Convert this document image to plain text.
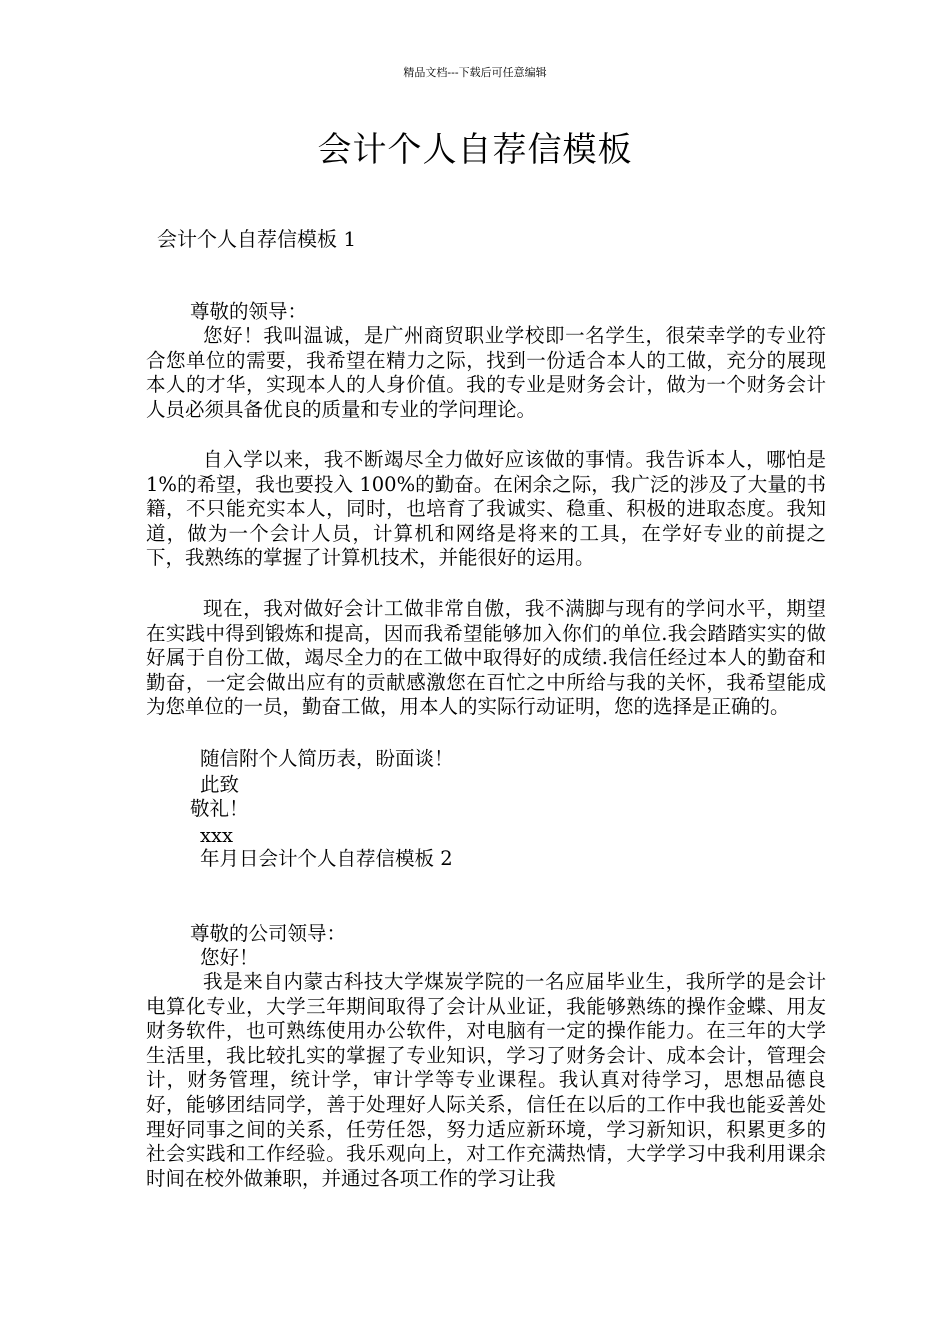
精品文档---下载后可任意编辑
会计个人自荐信模板
会计个人自荐信模板 1
尊敬的领导：
您好！我叫温诚，是广州商贸职业学校即一名学生，很荣幸学的专业符合您单位的需要，我希望在精力之际，找到一份适合本人的工做，充分的展现本人的才华，实现本人的人身价值。我的专业是财务会计，做为一个财务会计人员必须具备优良的质量和专业的学问理论。
自入学以来，我不断竭尽全力做好应该做的事情。我告诉本人，哪怕是 1%的希望，我也要投入 100%的勤奋。在闲余之际，我广泛的涉及了大量的书籍，不只能充实本人，同时，也培育了我诚实、稳重、积极的进取态度。我知道，做为一个会计人员，计算机和网络是将来的工具，在学好专业的前提之下，我熟练的掌握了计算机技术，并能很好的运用。
现在，我对做好会计工做非常自傲，我不满脚与现有的学问水平，期望在实践中得到锻炼和提高，因而我希望能够加入你们的单位.我会踏踏实实的做好属于自份工做，竭尽全力的在工做中取得好的成绩.我信任经过本人的勤奋和勤奋，一定会做出应有的贡献感激您在百忙之中所给与我的关怀，我希望能成为您单位的一员，勤奋工做，用本人的实际行动证明，您的选择是正确的。
随信附个人简历表，盼面谈！
此致
敬礼！
xxx
年月日会计个人自荐信模板 2
尊敬的公司领导：
您好！
我是来自内蒙古科技大学煤炭学院的一名应届毕业生，我所学的是会计电算化专业，大学三年期间取得了会计从业证，我能够熟练的操作金蝶、用友财务软件，也可熟练使用办公软件，对电脑有一定的操作能力。在三年的大学生活里，我比较扎实的掌握了专业知识，学习了财务会计、成本会计，管理会计，财务管理，统计学，审计学等专业课程。我认真对待学习，思想品德良好，能够团结同学，善于处理好人际关系，信任在以后的工作中我也能妥善处理好同事之间的关系，任劳任怨，努力适应新环境，学习新知识，积累更多的社会实践和工作经验。我乐观向上，对工作充满热情，大学学习中我利用课余时间在校外做兼职，并通过各项工作的学习让我
